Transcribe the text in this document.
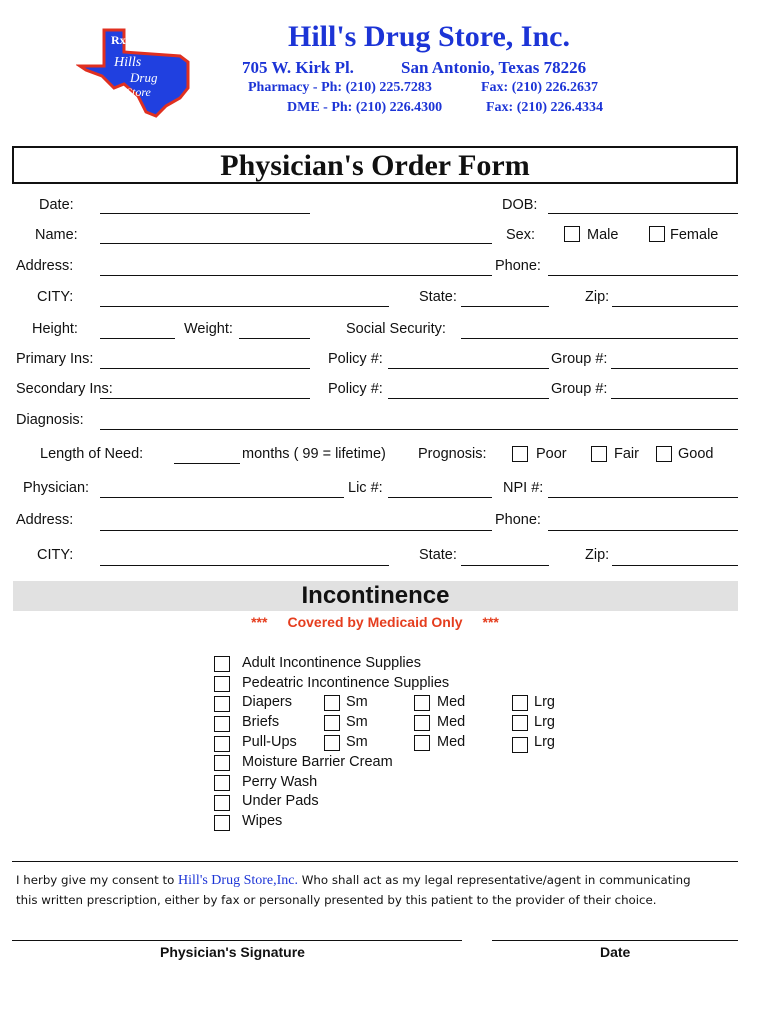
Rx
Hills
Drug
Store
Hill's Drug Store, Inc.
705 W. Kirk Pl.	San Antonio, Texas 78226
Pharmacy - Ph: (210) 225.7283	Fax: (210) 226.2637
DME - Ph: (210) 226.4300	Fax: (210) 226.4334
Physician's Order Form
Date:	DOB:
Name:	Sex:	Male	Female
Address:	Phone:
CITY:	State:	Zip:
Height:	Weight:	Social Security:
Primary Ins:	Policy #:	Group #:
Secondary Ins:	Policy #:	Group #:
Diagnosis:
Length of Need:	months ( 99 = lifetime) Prognosis:	Poor	Fair	Good
Physician:	Lic #:	NPI #:
Address:	Phone:
CITY:	State:	Zip:
Incontinence
*** Covered by Medicaid Only ***
Adult Incontinence Supplies
Pedeatric Incontinence Supplies
Diapers	Sm	Med	Lrg
Briefs	Sm	Med	Lrg
Pull-Ups	Sm	Med	Lrg
Moisture Barrier Cream
Perry Wash
Under Pads
Wipes
I herby give my consent to Hill's Drug Store,Inc. Who shall act as my legal representative/agent in communicating
this written prescription, either by fax or personally presented by this patient to the provider of their choice.
Physician's Signature	Date
